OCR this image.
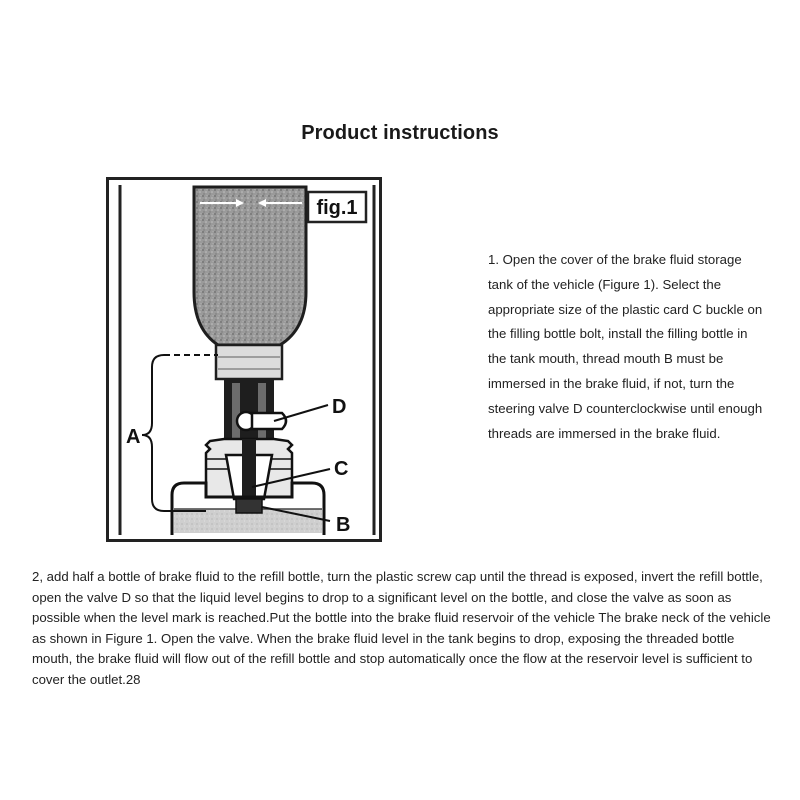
Product instructions
fig.1
A
D
C
B
1. Open the cover of the brake fluid storage tank of the vehicle (Figure 1). Select the appropriate size of the plastic card C buckle on the filling bottle bolt, install the filling bottle in the tank mouth, thread mouth B must be immersed in the brake fluid, if not, turn the steering valve D counterclockwise until enough threads are immersed in the brake fluid.
2, add half a bottle of brake fluid to the refill bottle, turn the plastic screw cap until the thread is exposed, invert the refill bottle, open the valve D so that the liquid level begins to drop to a significant level on the bottle, and close the valve as soon as possible when the level mark is reached.Put the bottle into the brake fluid reservoir of the vehicle The brake neck of the vehicle as shown in Figure 1. Open the valve. When the brake fluid level in the tank begins to drop, exposing the threaded bottle mouth, the brake fluid will flow out of the refill bottle and stop automatically once the flow at the reservoir level is sufficient to cover the outlet.28
